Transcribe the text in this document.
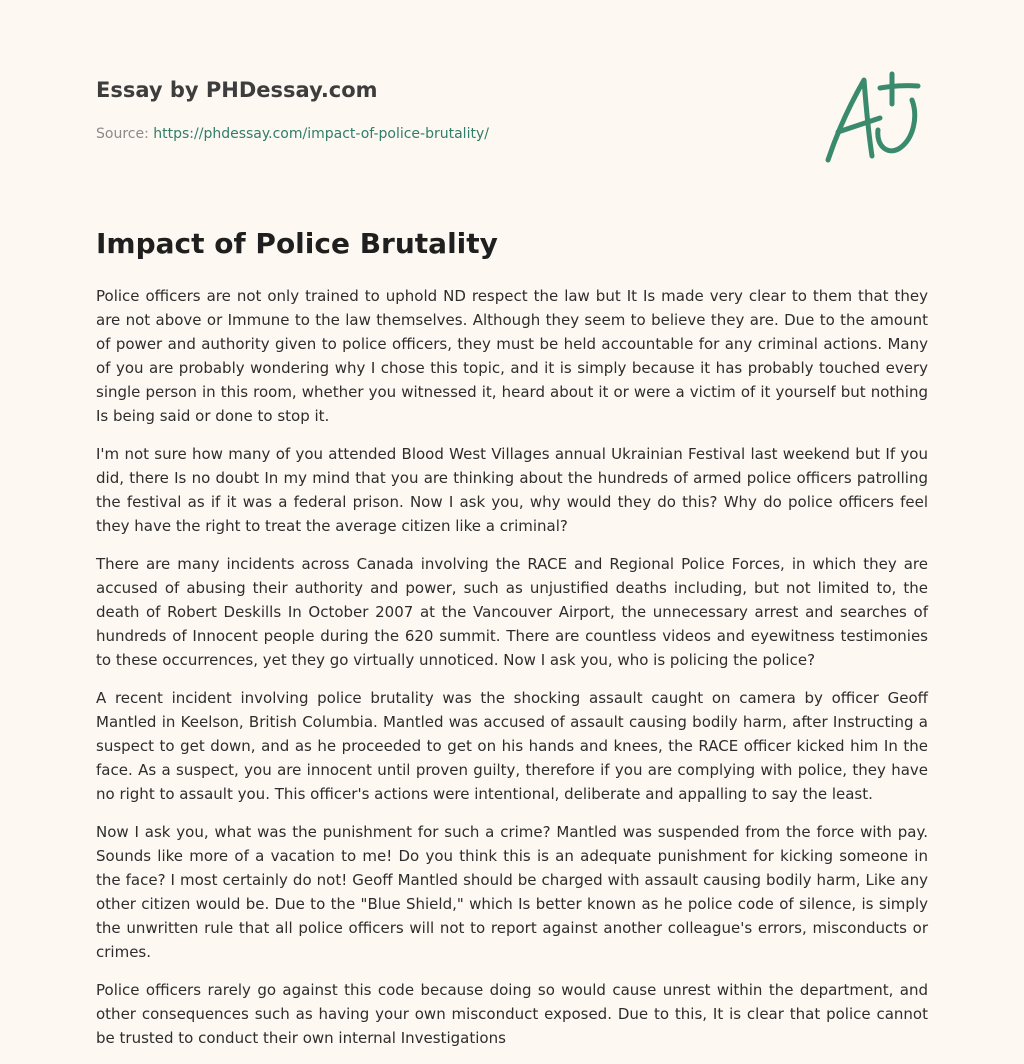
Essay by PHDessay.com
Source: https://phdessay.com/impact-of-police-brutality/
Impact of Police Brutality

Police officers are not only trained to uphold ND respect the law but It Is made very clear to them that they are not above or Immune to the law themselves. Although they seem to believe they are. Due to the amount of power and authority given to police officers, they must be held accountable for any criminal actions. Many of you are probably wondering why I chose this topic, and it is simply because it has probably touched every single person in this room, whether you witnessed it, heard about it or were a victim of it yourself but nothing Is being said or done to stop it.

I'm not sure how many of you attended Blood West Villages annual Ukrainian Festival last weekend but If you did, there Is no doubt In my mind that you are thinking about the hundreds of armed police officers patrolling the festival as if it was a federal prison. Now I ask you, why would they do this? Why do police officers feel they have the right to treat the average citizen like a criminal?

There are many incidents across Canada involving the RACE and Regional Police Forces, in which they are accused of abusing their authority and power, such as unjustified deaths including, but not limited to, the death of Robert Deskills In October 2007 at the Vancouver Airport, the unnecessary arrest and searches of hundreds of Innocent people during the 620 summit. There are countless videos and eyewitness testimonies to these occurrences, yet they go virtually unnoticed. Now I ask you, who is policing the police?

A recent incident involving police brutality was the shocking assault caught on camera by officer Geoff Mantled in Keelson, British Columbia. Mantled was accused of assault causing bodily harm, after Instructing a suspect to get down, and as he proceeded to get on his hands and knees, the RACE officer kicked him In the face. As a suspect, you are innocent until proven guilty, therefore if you are complying with police, they have no right to assault you. This officer's actions were intentional, deliberate and appalling to say the least.

Now I ask you, what was the punishment for such a crime? Mantled was suspended from the force with pay. Sounds like more of a vacation to me! Do you think this is an adequate punishment for kicking someone in the face? I most certainly do not! Geoff Mantled should be charged with assault causing bodily harm, Like any other citizen would be. Due to the "Blue Shield," which Is better known as he police code of silence, is simply the unwritten rule that all police officers will not to report against another colleague's errors, misconducts or crimes.

Police officers rarely go against this code because doing so would cause unrest within the department, and other consequences such as having your own misconduct exposed. Due to this, It is clear that police cannot be trusted to conduct their own internal Investigations
